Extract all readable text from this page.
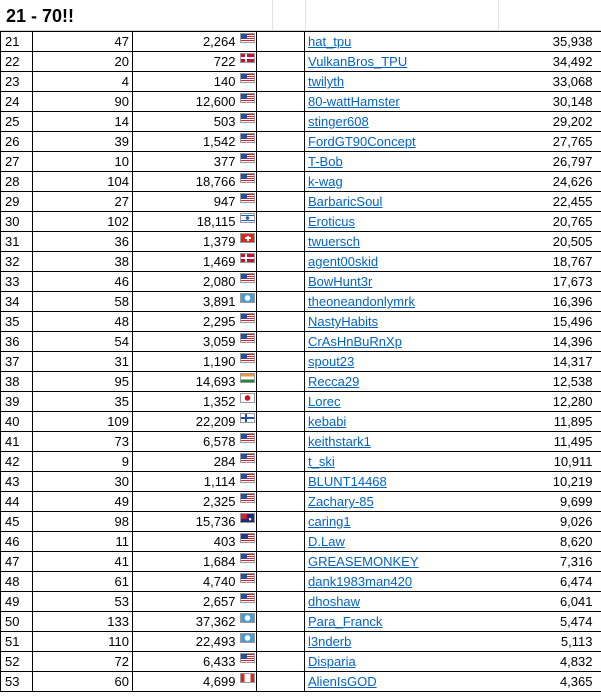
21 - 70!!
21	47	2,264			hat_tpu	35,938
22	20	722			VulkanBros_TPU	34,492
23	4	140			twilyth	33,068
24	90	12,600			80-wattHamster	30,148
25	14	503			stinger608	29,202
26	39	1,542			FordGT90Concept	27,765
27	10	377			T-Bob	26,797
28	104	18,766			k-wag	24,626
29	27	947			BarbaricSoul	22,455
30	102	18,115			Eroticus	20,765
31	36	1,379			twuersch	20,505
32	38	1,469			agent00skid	18,767
33	46	2,080			BowHunt3r	17,673
34	58	3,891			theoneandonlymrk	16,396
35	48	2,295			NastyHabits	15,496
36	54	3,059			CrAsHnBuRnXp	14,396
37	31	1,190			spout23	14,317
38	95	14,693			Recca29	12,538
39	35	1,352			Lorec	12,280
40	109	22,209			kebabi	11,895
41	73	6,578			keithstark1	11,495
42	9	284			t_ski	10,911
43	30	1,114			BLUNT14468	10,219
44	49	2,325			Zachary-85	9,699
45	98	15,736			caring1	9,026
46	11	403			D.Law	8,620
47	41	1,684			GREASEMONKEY	7,316
48	61	4,740			dank1983man420	6,474
49	53	2,657			dhoshaw	6,041
50	133	37,362			Para_Franck	5,474
51	110	22,493			l3nderb	5,113
52	72	6,433			Disparia	4,832
53	60	4,699			AlienIsGOD	4,365
